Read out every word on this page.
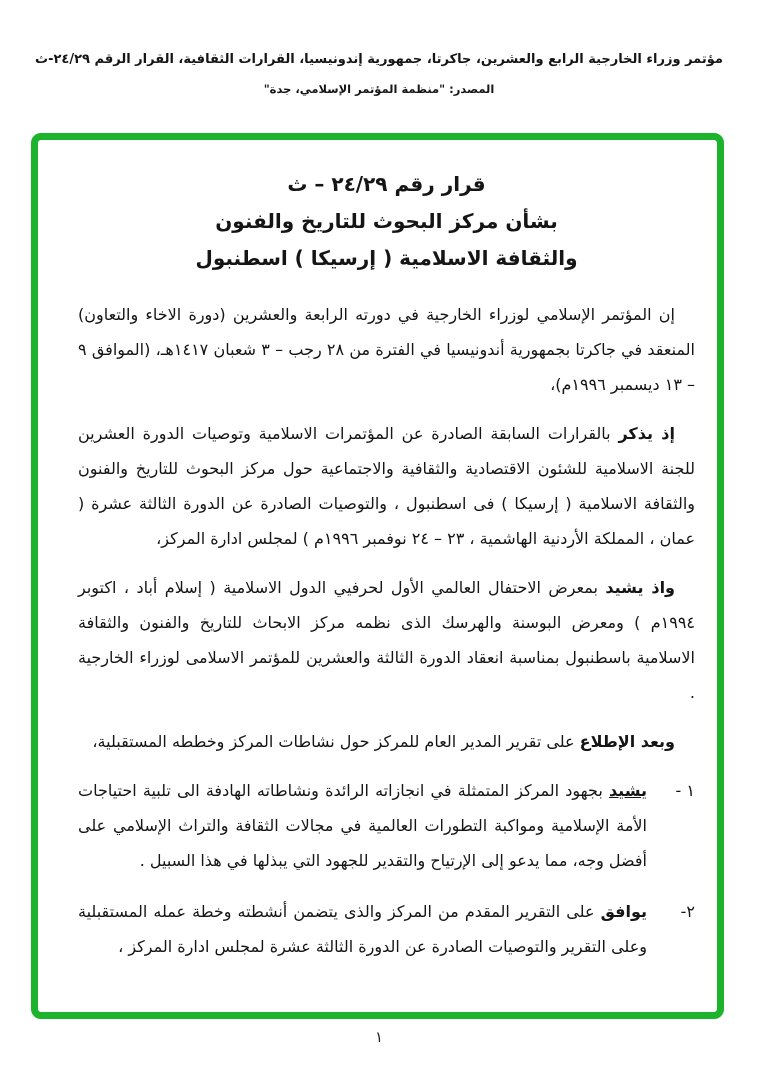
مؤتمر وزراء الخارجية الرابع والعشرين، جاكرتا، جمهورية إندونيسيا، القرارات الثقافية، القرار الرقم ٢٤/٢٩-ث
المصدر: "منظمة المؤتمر الإسلامي، جدة"
قرار رقم ٢٤/٢٩ – ث
بشأن مركز البحوث للتاريخ والفنون
والثقافة الاسلامية ( إرسيكا ) اسطنبول

إن المؤتمر الإسلامي لوزراء الخارجية في دورته الرابعة والعشرين (دورة الاخاء والتعاون) المنعقد في جاكرتا بجمهورية أندونيسيا في الفترة من ٢٨ رجب – ٣ شعبان ١٤١٧هـ، (الموافق ٩ – ١٣ ديسمبر ١٩٩٦م)،

إذ يذكر بالقرارات السابقة الصادرة عن المؤتمرات الاسلامية وتوصيات الدورة العشرين للجنة الاسلامية للشئون الاقتصادية والثقافية والاجتماعية حول مركز البحوث للتاريخ والفنون والثقافة الاسلامية ( إرسيكا ) فى اسطنبول ، والتوصيات الصادرة عن الدورة الثالثة عشرة ( عمان ، المملكة الأردنية الهاشمية ، ٢٣ – ٢٤ نوفمبر ١٩٩٦م ) لمجلس ادارة المركز،

واذ يشيد بمعرض الاحتفال العالمي الأول لحرفيي الدول الاسلامية ( إسلام أباد ، اكتوبر ١٩٩٤م ) ومعرض البوسنة والهرسك الذى نظمه مركز الابحاث للتاريخ والفنون والثقافة الاسلامية باسطنبول بمناسبة انعقاد الدورة الثالثة والعشرين للمؤتمر الاسلامى لوزراء الخارجية .

وبعد الإطلاع على تقرير المدير العام للمركز حول نشاطات المركز وخططه المستقبلية،

١ -

يشيد بجهود المركز المتمثلة في انجازاته الرائدة ونشاطاته الهادفة الى تلبية احتياجات الأمة الإسلامية ومواكبة التطورات العالمية في مجالات الثقافة والتراث الإسلامي على أفضل وجه، مما يدعو إلى الإرتياح والتقدير للجهود التي يبذلها في هذا السبيل .

٢-

يوافق على التقرير المقدم من المركز والذى يتضمن أنشطته وخطة عمله المستقبلية وعلى التقرير والتوصيات الصادرة عن الدورة الثالثة عشرة لمجلس ادارة المركز ،

١
